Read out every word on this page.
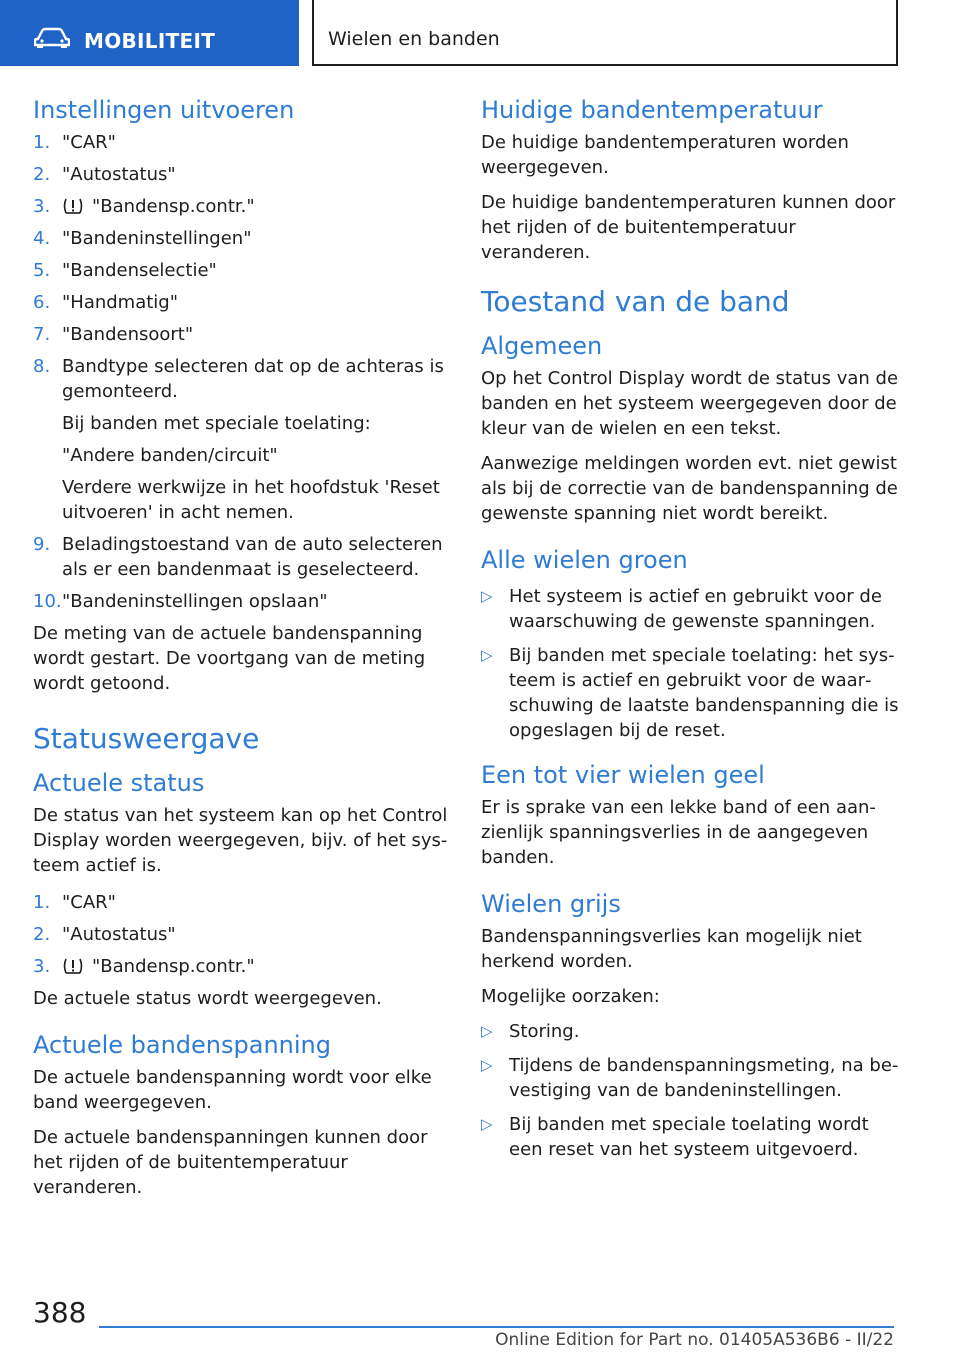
MOBILITEIT	Wielen en banden
Instellingen uitvoeren
1. "CAR"
2. "Autostatus"
3.	"Bandensp.contr."
4. "Bandeninstellingen"
5. "Bandenselectie"
6. "Handmatig"
7. "Bandensoort"
8. Bandtype selecteren dat op de achteras is gemonteerd.

Bij banden met speciale toelating:

"Andere banden/circuit"

Verdere werkwijze in het hoofdstuk 'Reset uitvoeren' in acht nemen.

9. Beladingstoestand van de auto selecteren als er een bandenmaat is geselecteerd.
10. "Bandeninstellingen opslaan"

De meting van de actuele bandenspanning wordt gestart. De voortgang van de meting wordt getoond.

Statusweergave
Actuele status

De status van het systeem kan op het Control Display worden weergegeven, bijv. of het systeem actief is.

1. "CAR"
2. "Autostatus"
3.	"Bandensp.contr."

De actuele status wordt weergegeven.

Actuele bandenspanning

De actuele bandenspanning wordt voor elke band weergegeven.

De actuele bandenspanningen kunnen door het rijden of de buitentemperatuur veranderen.

Huidige bandentemperatuur

De huidige bandentemperaturen worden weergegeven.

De huidige bandentemperaturen kunnen door het rijden of de buitentemperatuur veranderen.

Toestand van de band
Algemeen

Op het Control Display wordt de status van de banden en het systeem weergegeven door de kleur van de wielen en een tekst.

Aanwezige meldingen worden evt. niet gewist als bij de correctie van de bandenspanning de gewenste spanning niet wordt bereikt.

Alle wielen groen
▷ Het systeem is actief en gebruikt voor de waarschuwing de gewenste spanningen.
▷ Bij banden met speciale toelating: het systeem is actief en gebruikt voor de waarschuwing de laatste bandenspanning die is opgeslagen bij de reset.
Een tot vier wielen geel

Er is sprake van een lekke band of een aanzienlijk spanningsverlies in de aangegeven banden.

Wielen grijs

Bandenspanningsverlies kan mogelijk niet herkend worden.

Mogelijke oorzaken:

▷ Storing.
▷ Tijdens de bandenspanningsmeting, na bevestiging van de bandeninstellingen.
▷ Bij banden met speciale toelating wordt een reset van het systeem uitgevoerd.
388
Online Edition for Part no. 01405A536B6 - II/22
